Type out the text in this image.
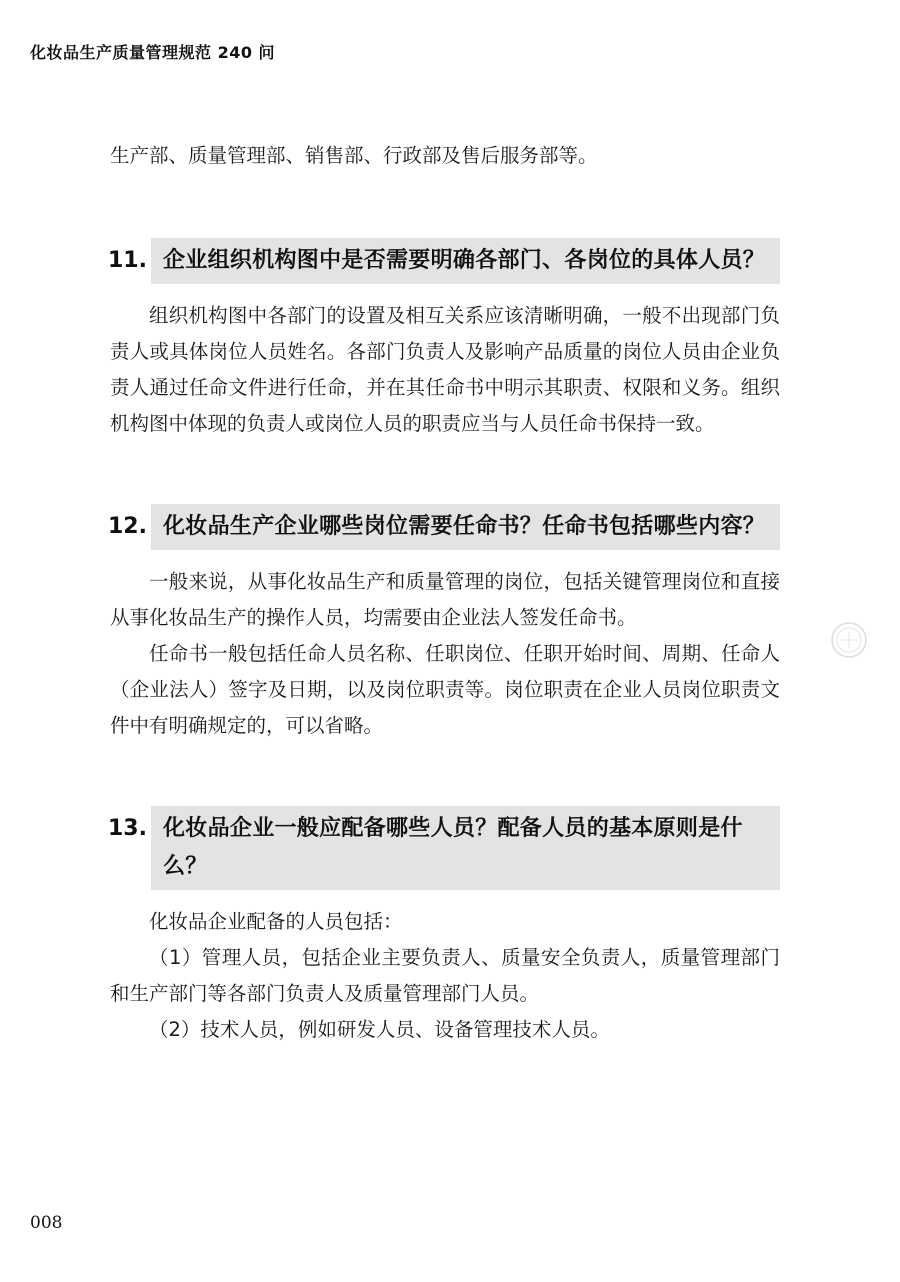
化妆品生产质量管理规范 240 问

生产部、质量管理部、销售部、行政部及售后服务部等。

11. 企业组织机构图中是否需要明确各部门、各岗位的具体人员？

组织机构图中各部门的设置及相互关系应该清晰明确，一般不出现部门负责人或具体岗位人员姓名。各部门负责人及影响产品质量的岗位人员由企业负责人通过任命文件进行任命，并在其任命书中明示其职责、权限和义务。组织机构图中体现的负责人或岗位人员的职责应当与人员任命书保持一致。

12. 化妆品生产企业哪些岗位需要任命书？任命书包括哪些内容？

一般来说，从事化妆品生产和质量管理的岗位，包括关键管理岗位和直接从事化妆品生产的操作人员，均需要由企业法人签发任命书。

任命书一般包括任命人员名称、任职岗位、任职开始时间、周期、任命人（企业法人）签字及日期，以及岗位职责等。岗位职责在企业人员岗位职责文件中有明确规定的，可以省略。

13. 化妆品企业一般应配备哪些人员？配备人员的基本原则是什么？

化妆品企业配备的人员包括：

（1）管理人员，包括企业主要负责人、质量安全负责人，质量管理部门和生产部门等各部门负责人及质量管理部门人员。

（2）技术人员，例如研发人员、设备管理技术人员。

008
